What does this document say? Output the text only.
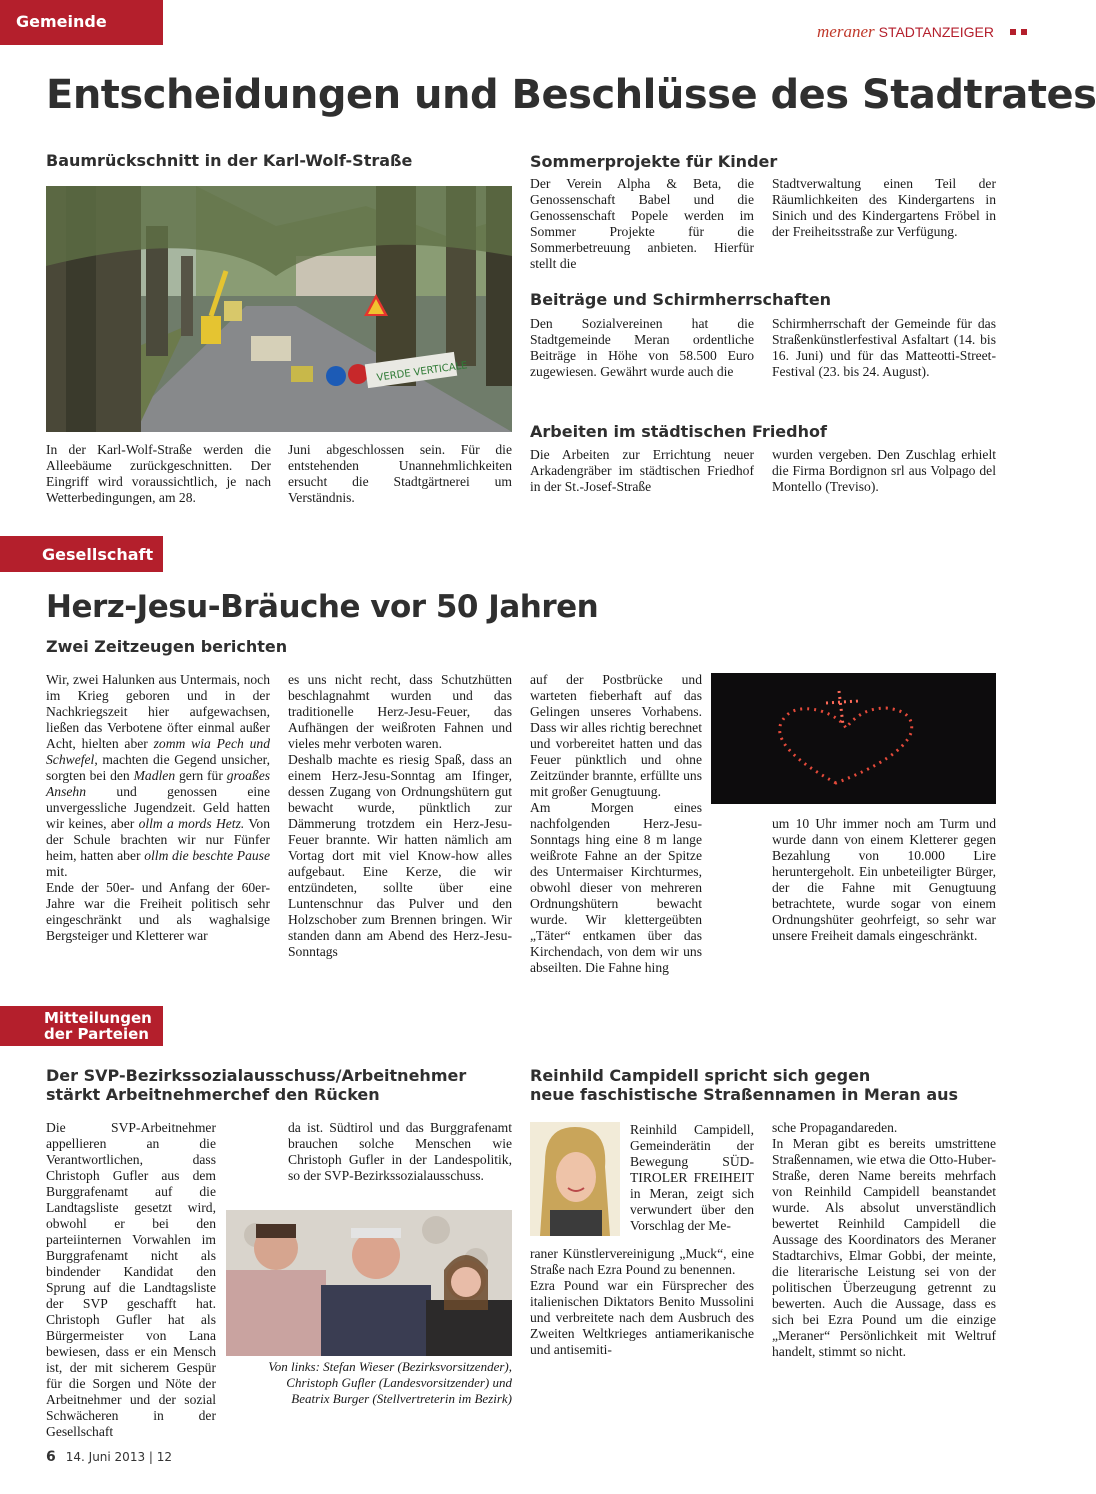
Gemeinde
meraner STADTANZEIGER
Entscheidungen und Beschlüsse des Stadtrates
Baumrückschnitt in der Karl-Wolf-Straße
VERDE VERTICALE
In der Karl-Wolf-Straße werden die Alleebäume zurückgeschnitten. Der Eingriff wird voraussichtlich, je nach Wetterbedingungen, am 28.
Juni abgeschlossen sein. Für die entstehenden Unannehmlichkeiten ersucht die Stadtgärtnerei um Verständnis.
Sommerprojekte für Kinder
Der Verein Alpha & Beta, die Genossenschaft Babel und die Genossenschaft Popele werden im Sommer Projekte für die Sommerbetreuung anbieten. Hierfür stellt die
Stadtverwaltung einen Teil der Räumlichkeiten des Kindergartens in Sinich und des Kindergartens Fröbel in der Freiheitsstraße zur Verfügung.
Beiträge und Schirmherrschaften
Den Sozialvereinen hat die Stadtgemeinde Meran ordentliche Beiträge in Höhe von 58.500 Euro zugewiesen. Gewährt wurde auch die
Schirmherrschaft der Gemeinde für das Straßenkünstlerfestival Asfaltart (14. bis 16. Juni) und für das Matteotti-Street-Festival (23. bis 24. August).
Arbeiten im städtischen Friedhof
Die Arbeiten zur Errichtung neuer Arkadengräber im städtischen Friedhof in der St.-Josef-Straße
wurden vergeben. Den Zuschlag erhielt die Firma Bordignon srl aus Volpago del Montello (Treviso).
Gesellschaft
Herz-Jesu-Bräuche vor 50 Jahren
Zwei Zeitzeugen berichten
Wir, zwei Halunken aus Untermais, noch im Krieg geboren und in der Nachkriegszeit hier aufgewachsen, ließen das Verbotene öfter einmal außer Acht, hielten aber zomm wia Pech und Schwefel, machten die Gegend unsicher, sorgten bei den Madlen gern für groaßes Ansehn und genossen eine unvergessliche Jugendzeit. Geld hatten wir keines, aber ollm a mords Hetz. Von der Schule brachten wir nur Fünfer heim, hatten aber ollm die beschte Pause mit.
Ende der 50er- und Anfang der 60er-Jahre war die Freiheit politisch sehr eingeschränkt und als waghalsige Bergsteiger und Kletterer war
es uns nicht recht, dass Schutzhütten beschlagnahmt wurden und das traditionelle Herz-Jesu-Feuer, das Aufhängen der weißroten Fahnen und vieles mehr verboten waren.
Deshalb machte es riesig Spaß, dass an einem Herz-Jesu-Sonntag am Ifinger, dessen Zugang von Ordnungshütern gut bewacht wurde, pünktlich zur Dämmerung trotzdem ein Herz-Jesu-Feuer brannte. Wir hatten nämlich am Vortag dort mit viel Know-how alles aufgebaut. Eine Kerze, die wir entzündeten, sollte über eine Luntenschnur das Pulver und den Holzschober zum Brennen bringen. Wir standen dann am Abend des Herz-Jesu-Sonntags
auf der Postbrücke und warteten fieberhaft auf das Gelingen unseres Vorhabens. Dass wir alles richtig berechnet und vorbereitet hatten und das Feuer pünktlich und ohne Zeitzünder brannte, erfüllte uns mit großer Genugtuung.
Am Morgen eines nachfolgenden Herz-Jesu-Sonntags hing eine 8 m lange weißrote Fahne an der Spitze des Untermaiser Kirchturmes, obwohl dieser von mehreren Ordnungshütern bewacht wurde. Wir klettergeübten „Täter“ entkamen über das Kirchendach, von dem wir uns abseilten. Die Fahne hing
um 10 Uhr immer noch am Turm und wurde dann von einem Kletterer gegen Bezahlung von 10.000 Lire heruntergeholt. Ein unbeteiligter Bürger, der die Fahne mit Genugtuung betrachtete, wurde sogar von einem Ordnungshüter geohrfeigt, so sehr war unsere Freiheit damals eingeschränkt.
Mitteilungen
der Parteien
Der SVP-Bezirkssozialausschuss/Arbeitnehmer
stärkt Arbeitnehmerchef den Rücken
Die SVP-Arbeitnehmer appellieren an die Verantwortlichen, dass Christoph Gufler aus dem Burggrafenamt auf die Landtagsliste gesetzt wird, obwohl er bei den parteiinternen Vorwahlen im Burggrafenamt nicht als bindender Kandidat den Sprung auf die Landtagsliste der SVP geschafft hat. Christoph Gufler hat als Bürgermeister von Lana bewiesen, dass er ein Mensch ist, der mit sicherem Gespür für die Sorgen und Nöte der Arbeitnehmer und der sozial Schwächeren in der Gesellschaft
da ist. Südtirol und das Burggrafenamt brauchen solche Menschen wie Christoph Gufler in der Landespolitik, so der SVP-Bezirkssozialausschuss.
Von links: Stefan Wieser (Bezirksvorsitzender),
Christoph Gufler (Landesvorsitzender) und
Beatrix Burger (Stellvertreterin im Bezirk)
Reinhild Campidell spricht sich gegen
neue faschistische Straßennamen in Meran aus
Reinhild Campidell, Gemeinderätin der Bewegung SÜD-TIROLER FREIHEIT in Meran, zeigt sich verwundert über den Vorschlag der Me-
raner Künstlervereinigung „Muck“, eine Straße nach Ezra Pound zu benennen.
Ezra Pound war ein Fürsprecher des italienischen Diktators Benito Mussolini und verbreitete nach dem Ausbruch des Zweiten Weltkrieges antiamerikanische und antisemiti-
sche Propagandareden.
In Meran gibt es bereits umstrittene Straßennamen, wie etwa die Otto-Huber-Straße, deren Name bereits mehrfach von Reinhild Campidell beanstandet wurde. Als absolut unverständlich bewertet Reinhild Campidell die Aussage des Koordinators des Meraner Stadtarchivs, Elmar Gobbi, der meinte, die literarische Leistung sei von der politischen Überzeugung getrennt zu bewerten. Auch die Aussage, dass es sich bei Ezra Pound um die einzige „Meraner“ Persönlichkeit mit Weltruf handelt, stimmt so nicht.
6 14. Juni 2013 | 12
